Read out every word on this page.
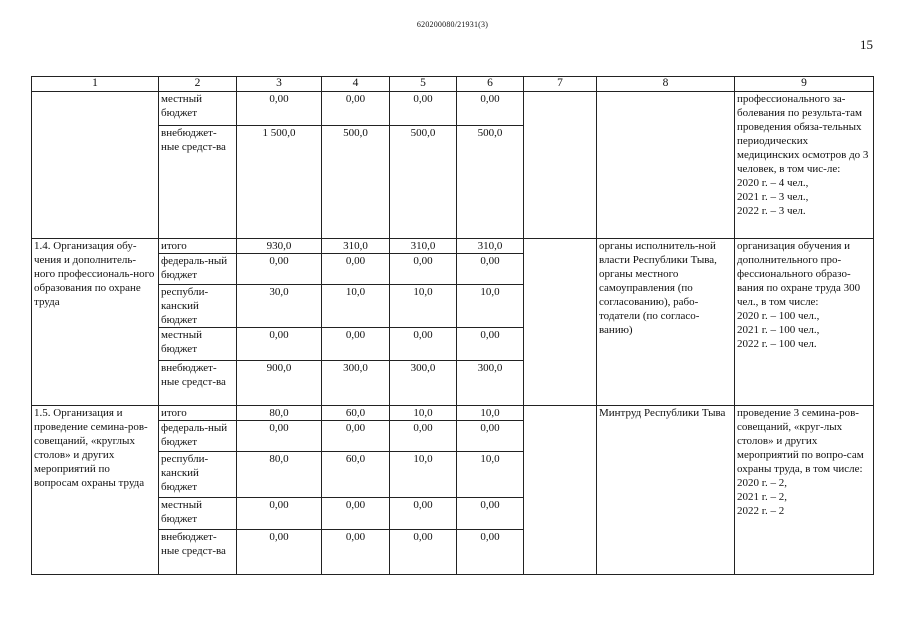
620200080/21931(3)
15
1	2	3	4	5	6	7	8	9
	местный бюджет	0,00	0,00	0,00	0,00			профессионального за-болевания по результа-там проведения обяза-тельных периодических медицинских осмотров до 3 человек, в том чис-ле:
2020 г. – 4 чел.,
2021 г. – 3 чел.,
2022 г. – 3 чел.
	внебюджет-ные средст-ва	1 500,0	500,0	500,0	500,0			
1.4. Организация обу-чения и дополнитель-ного профессиональ-ного образования по охране труда	итого	930,0	310,0	310,0	310,0		органы исполнитель-ной власти Республики Тыва, органы местного самоуправления (по согласованию), рабо-тодатели (по согласо-ванию)	организация обучения и дополнительного про-фессионального образо-вания по охране труда 300 чел., в том числе:
2020 г. – 100 чел.,
2021 г. – 100 чел.,
2022 г. – 100 чел.
	федераль-ный бюджет	0,00	0,00	0,00	0,00			
	республи-канский бюджет	30,0	10,0	10,0	10,0			
	местный бюджет	0,00	0,00	0,00	0,00			
	внебюджет-ные средст-ва	900,0	300,0	300,0	300,0			
1.5. Организация и проведение семина-ров-совещаний, «круглых столов» и других мероприятий по вопросам охраны труда	итого	80,0	60,0	10,0	10,0		Минтруд Республики Тыва	проведение 3 семина-ров-совещаний, «круг-лых столов» и других мероприятий по вопро-сам охраны труда, в том числе:
2020 г. – 2,
2021 г. – 2,
2022 г. – 2
	федераль-ный бюджет	0,00	0,00	0,00	0,00			
	республи-канский бюджет	80,0	60,0	10,0	10,0			
	местный бюджет	0,00	0,00	0,00	0,00			
	внебюджет-ные средст-ва	0,00	0,00	0,00	0,00			
